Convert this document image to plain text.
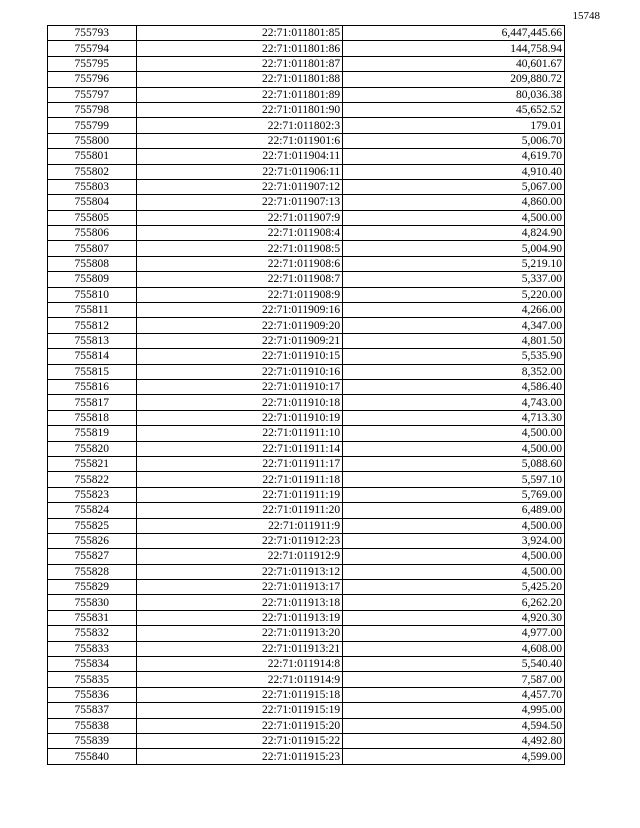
15748
755793	22:71:011801:85	6,447,445.66
755794	22:71:011801:86	144,758.94
755795	22:71:011801:87	40,601.67
755796	22:71:011801:88	209,880.72
755797	22:71:011801:89	80,036.38
755798	22:71:011801:90	45,652.52
755799	22:71:011802:3	179.01
755800	22:71:011901:6	5,006.70
755801	22:71:011904:11	4,619.70
755802	22:71:011906:11	4,910.40
755803	22:71:011907:12	5,067.00
755804	22:71:011907:13	4,860.00
755805	22:71:011907:9	4,500.00
755806	22:71:011908:4	4,824.90
755807	22:71:011908:5	5,004.90
755808	22:71:011908:6	5,219.10
755809	22:71:011908:7	5,337.00
755810	22:71:011908:9	5,220.00
755811	22:71:011909:16	4,266.00
755812	22:71:011909:20	4,347.00
755813	22:71:011909:21	4,801.50
755814	22:71:011910:15	5,535.90
755815	22:71:011910:16	8,352.00
755816	22:71:011910:17	4,586.40
755817	22:71:011910:18	4,743.00
755818	22:71:011910:19	4,713.30
755819	22:71:011911:10	4,500.00
755820	22:71:011911:14	4,500.00
755821	22:71:011911:17	5,088.60
755822	22:71:011911:18	5,597.10
755823	22:71:011911:19	5,769.00
755824	22:71:011911:20	6,489.00
755825	22:71:011911:9	4,500.00
755826	22:71:011912:23	3,924.00
755827	22:71:011912:9	4,500.00
755828	22:71:011913:12	4,500.00
755829	22:71:011913:17	5,425.20
755830	22:71:011913:18	6,262.20
755831	22:71:011913:19	4,920.30
755832	22:71:011913:20	4,977.00
755833	22:71:011913:21	4,608.00
755834	22:71:011914:8	5,540.40
755835	22:71:011914:9	7,587.00
755836	22:71:011915:18	4,457.70
755837	22:71:011915:19	4,995.00
755838	22:71:011915:20	4,594.50
755839	22:71:011915:22	4,492.80
755840	22:71:011915:23	4,599.00
